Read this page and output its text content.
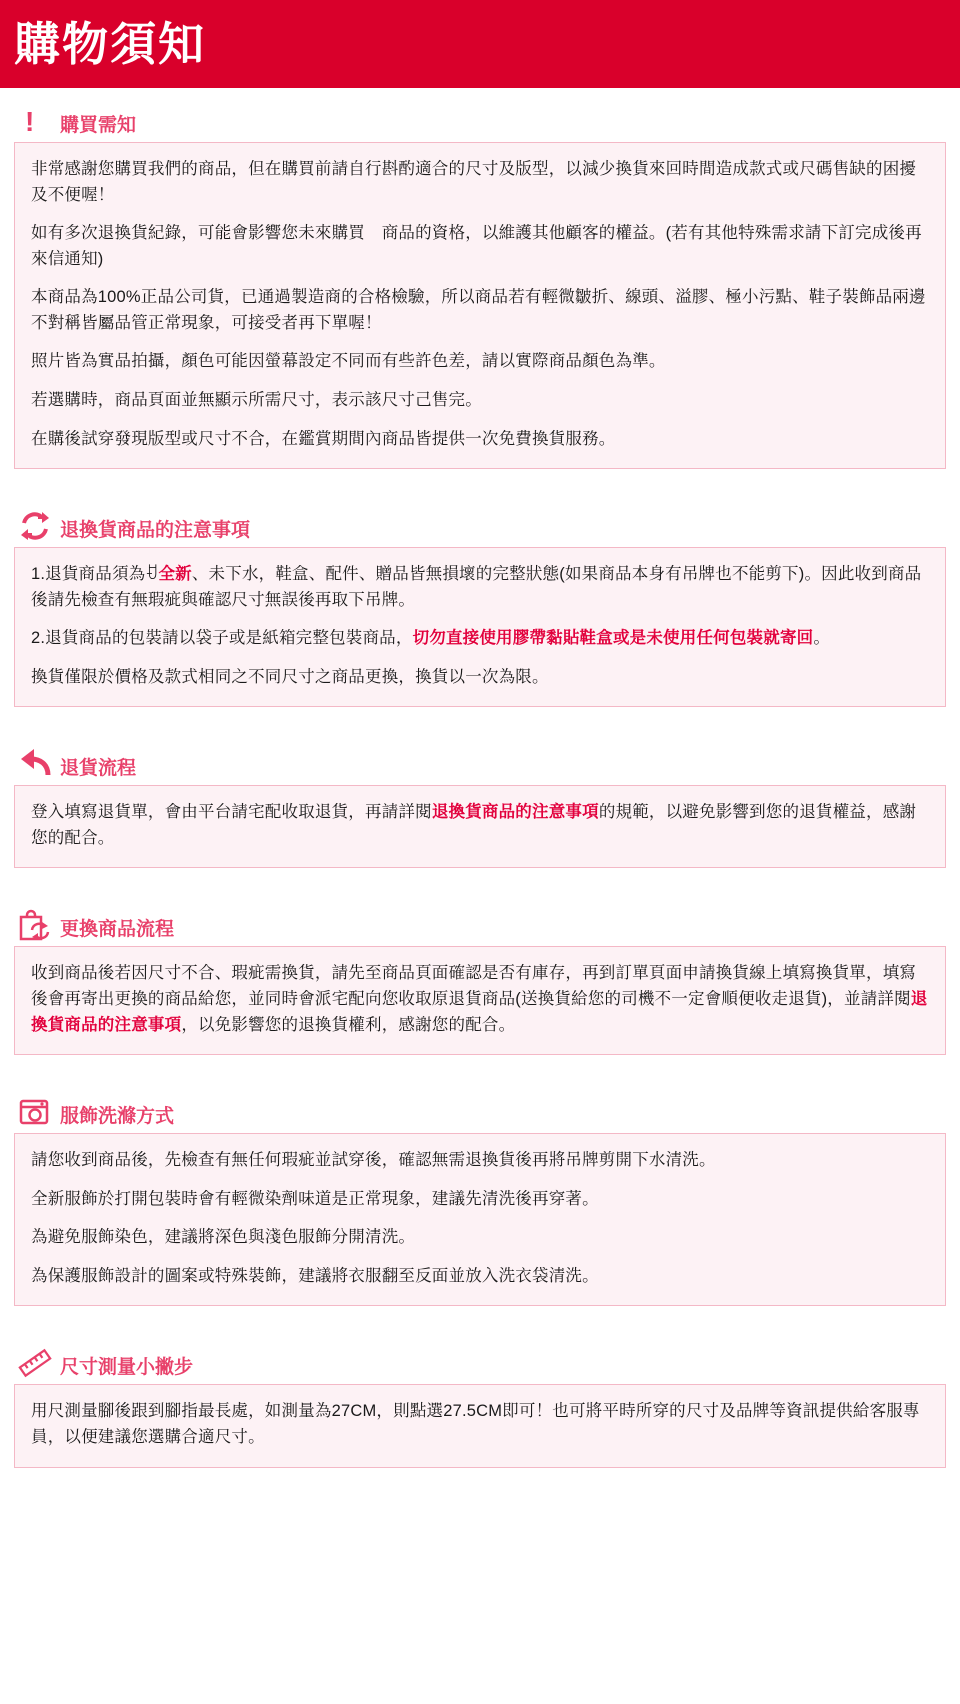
購物須知
! 購買需知

非常感謝您購買我們的商品，但在購買前請自行斟酌適合的尺寸及版型，以減少換貨來回時間造成款式或尺碼售缺的困擾及不便喔！

如有多次退換貨紀錄，可能會影響您未來購買　商品的資格，以維護其他顧客的權益。(若有其他特殊需求請下訂完成後再來信通知)

本商品為100%正品公司貨，已通過製造商的合格檢驗，所以商品若有輕微皺折、線頭、溢膠、極小污點、鞋子裝飾品兩邊不對稱皆屬品管正常現象，可接受者再下單喔！

照片皆為實品拍攝，顏色可能因螢幕設定不同而有些許色差，請以實際商品顏色為準。

若選購時，商品頁面並無顯示所需尺寸，表示該尺寸己售完。

在購後試穿發現版型或尺寸不合，在鑑賞期間內商品皆提供一次免費換貨服務。

退換貨商品的注意事項

1.退貨商品須為ꀀ全新、未下水，鞋盒、配件、贈品皆無損壞的完整狀態(如果商品本身有吊牌也不能剪下)。因此收到商品後請先檢查有無瑕疵與確認尺寸無誤後再取下吊牌。

2.退貨商品的包裝請以袋子或是紙箱完整包裝商品，切勿直接使用膠帶黏貼鞋盒或是未使用任何包裝就寄回。

換貨僅限於價格及款式相同之不同尺寸之商品更換，換貨以一次為限。

退貨流程

登入填寫退貨單，會由平台請宅配收取退貨，再請詳閱退換貨商品的注意事項的規範，以避免影響到您的退貨權益，感謝您的配合。

更換商品流程

收到商品後若因尺寸不合、瑕疵需換貨，請先至商品頁面確認是否有庫存，再到訂單頁面申請換貨線上填寫換貨單，填寫後會再寄出更換的商品給您，並同時會派宅配向您收取原退貨商品(送換貨給您的司機不一定會順便收走退貨)，並請詳閱退換貨商品的注意事項，以免影響您的退換貨權利，感謝您的配合。

服飾洗滌方式

請您收到商品後，先檢查有無任何瑕疵並試穿後，確認無需退換貨後再將吊牌剪開下水清洗。

全新服飾於打開包裝時會有輕微染劑味道是正常現象，建議先清洗後再穿著。

為避免服飾染色，建議將深色與淺色服飾分開清洗。

為保護服飾設計的圖案或特殊裝飾，建議將衣服翻至反面並放入洗衣袋清洗。

尺寸測量小撇步

用尺測量腳後跟到腳指最長處，如測量為27CM，則點選27.5CM即可！也可將平時所穿的尺寸及品牌等資訊提供給客服專員，以便建議您選購合適尺寸。
